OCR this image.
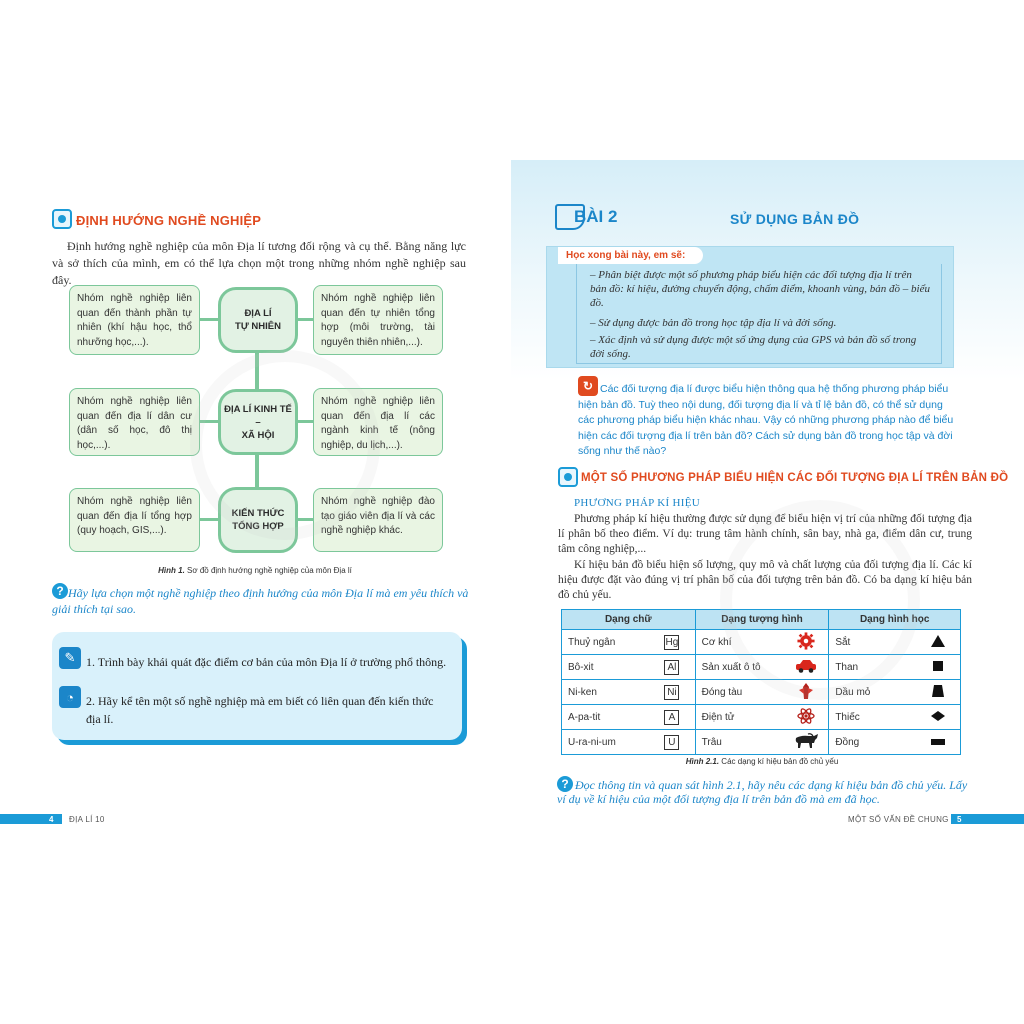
ĐỊNH HƯỚNG NGHỀ NGHIỆP
Định hướng nghề nghiệp của môn Địa lí tương đối rộng và cụ thể. Bằng năng lực và sở thích của mình, em có thể lựa chọn một trong những nhóm nghề nghiệp sau đây.
Nhóm nghề nghiệp liên quan đến thành phần tự nhiên (khí hậu học, thổ nhưỡng học,...).
Nhóm nghề nghiệp liên quan đến tự nhiên tổng hợp (môi trường, tài nguyên thiên nhiên,...).
Nhóm nghề nghiệp liên quan đến địa lí dân cư (dân số học, đô thị học,...).
Nhóm nghề nghiệp liên quan đến địa lí các ngành kinh tế (nông nghiệp, du lịch,...).
Nhóm nghề nghiệp liên quan đến địa lí tổng hợp (quy hoạch, GIS,...).
Nhóm nghề nghiệp đào tạo giáo viên địa lí và các nghề nghiệp khác.
ĐỊA LÍ
TỰ NHIÊN
ĐỊA LÍ KINH TẾ
–
XÃ HỘI
KIẾN THỨC
TỔNG HỢP
Hình 1. Sơ đồ định hướng nghề nghiệp của môn Địa lí
? Hãy lựa chọn một nghề nghiệp theo định hướng của môn Địa lí mà em yêu thích và giải thích tại sao.
✎ 1. Trình bày khái quát đặc điểm cơ bản của môn Địa lí ở trường phổ thông.
◔	2. Hãy kể tên một số nghề nghiệp mà em biết có liên quan đến kiến thức địa lí.
4 ĐỊA LÍ 10
BÀI 2	SỬ DỤNG BẢN ĐỒ
Học xong bài này, em sẽ:
– Phân biệt được một số phương pháp biểu hiện các đối tượng địa lí trên bản đồ: kí hiệu, đường chuyển động, chấm điểm, khoanh vùng, bản đồ – biểu đồ.
– Sử dụng được bản đồ trong học tập địa lí và đời sống.
– Xác định và sử dụng được một số ứng dụng của GPS và bản đồ số trong đời sống.
↻ Các đối tượng địa lí được biểu hiện thông qua hệ thống phương pháp biểu hiện bản đồ. Tuỳ theo nội dung, đối tượng địa lí và tỉ lệ bản đồ, có thể sử dụng các phương pháp biểu hiện khác nhau. Vậy có những phương pháp nào để biểu hiện các đối tượng địa lí trên bản đồ? Cách sử dụng bản đồ trong học tập và đời sống như thế nào?
MỘT SỐ PHƯƠNG PHÁP BIỂU HIỆN CÁC ĐỐI TƯỢNG ĐỊA LÍ TRÊN BẢN ĐỒ
PHƯƠNG PHÁP KÍ HIỆU
Phương pháp kí hiệu thường được sử dụng để biểu hiện vị trí của những đối tượng địa lí phân bố theo điểm. Ví dụ: trung tâm hành chính, sân bay, nhà ga, điểm dân cư, trung tâm công nghiệp,...
Kí hiệu bản đồ biểu hiện số lượng, quy mô và chất lượng của đối tượng địa lí. Các kí hiệu được đặt vào đúng vị trí phân bố của đối tượng trên bản đồ. Có ba dạng kí hiệu bản đồ chủ yếu.
Dạng chữ		Dạng tượng hình		Dạng hình học	
Thuỷ ngân	Hg	Cơ khí		Sắt	
Bô-xit	Al	Sản xuất ô tô		Than	
Ni-ken	Ni	Đóng tàu		Dầu mỏ	
A-pa-tit	A	Điện tử		Thiếc	
U-ra-ni-um	U	Trâu		Đồng	
Hình 2.1. Các dạng kí hiệu bản đồ chủ yếu
? Đọc thông tin và quan sát hình 2.1, hãy nêu các dạng kí hiệu bản đồ chủ yếu. Lấy ví dụ về kí hiệu của một đối tượng địa lí trên bản đồ mà em đã học.
MỘT SỐ VẤN ĐỀ CHUNG 5
